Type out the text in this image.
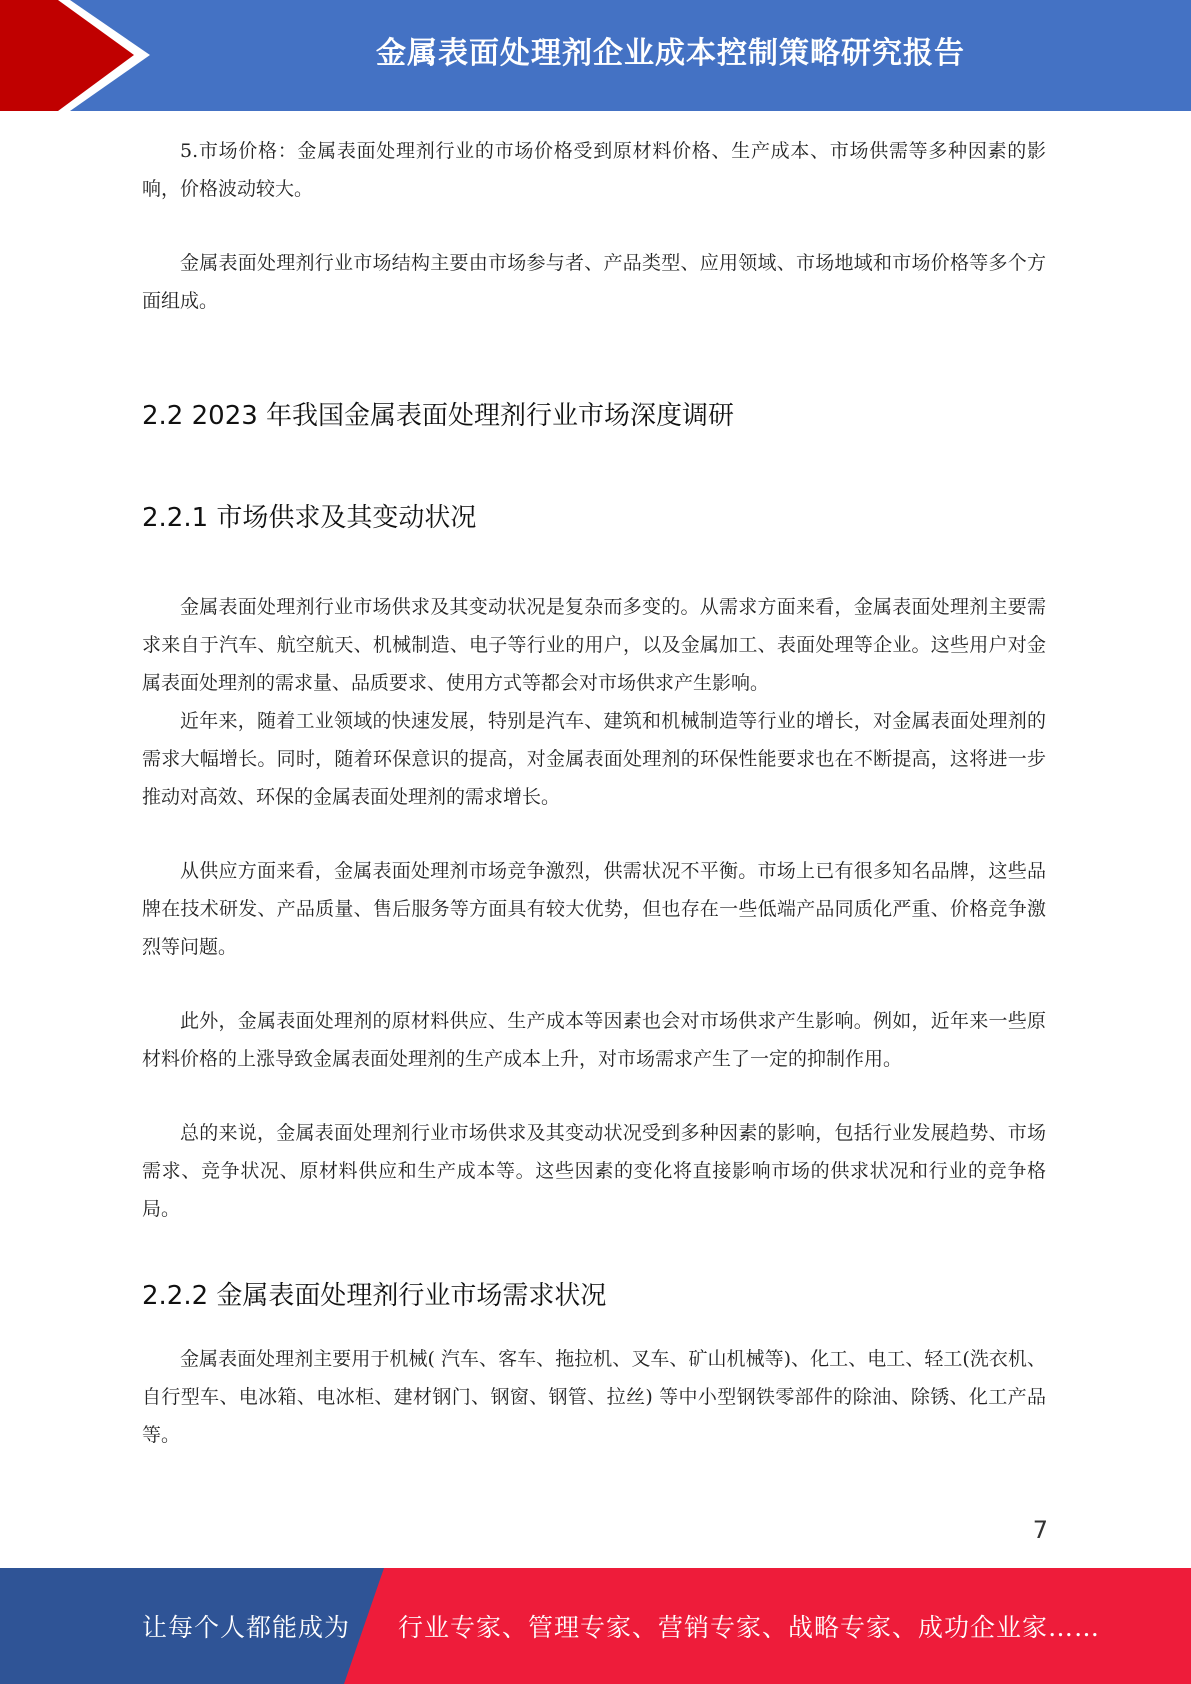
金属表面处理剂企业成本控制策略研究报告

5.市场价格：金属表面处理剂行业的市场价格受到原材料价格、生产成本、市场供需等多种因素的影响，价格波动较大。

金属表面处理剂行业市场结构主要由市场参与者、产品类型、应用领域、市场地域和市场价格等多个方面组成。

2.2 2023 年我国金属表面处理剂行业市场深度调研
2.2.1 市场供求及其变动状况

金属表面处理剂行业市场供求及其变动状况是复杂而多变的。从需求方面来看，金属表面处理剂主要需求来自于汽车、航空航天、机械制造、电子等行业的用户，以及金属加工、表面处理等企业。这些用户对金属表面处理剂的需求量、品质要求、使用方式等都会对市场供求产生影响。

近年来，随着工业领域的快速发展，特别是汽车、建筑和机械制造等行业的增长，对金属表面处理剂的需求大幅增长。同时，随着环保意识的提高，对金属表面处理剂的环保性能要求也在不断提高，这将进一步推动对高效、环保的金属表面处理剂的需求增长。

从供应方面来看，金属表面处理剂市场竞争激烈，供需状况不平衡。市场上已有很多知名品牌，这些品牌在技术研发、产品质量、售后服务等方面具有较大优势，但也存在一些低端产品同质化严重、价格竞争激烈等问题。

此外，金属表面处理剂的原材料供应、生产成本等因素也会对市场供求产生影响。例如，近年来一些原材料价格的上涨导致金属表面处理剂的生产成本上升，对市场需求产生了一定的抑制作用。

总的来说，金属表面处理剂行业市场供求及其变动状况受到多种因素的影响，包括行业发展趋势、市场需求、竞争状况、原材料供应和生产成本等。这些因素的变化将直接影响市场的供求状况和行业的竞争格局。

2.2.2 金属表面处理剂行业市场需求状况

金属表面处理剂主要用于机械( 汽车、客车、拖拉机、叉车、矿山机械等)、化工、电工、轻工(洗衣机、自行型车、电冰箱、电冰柜、建材钢门、钢窗、钢管、拉丝) 等中小型钢铁零部件的除油、除锈、化工产品等。

7
让每个人都能成为 行业专家、管理专家、营销专家、战略专家、成功企业家……
